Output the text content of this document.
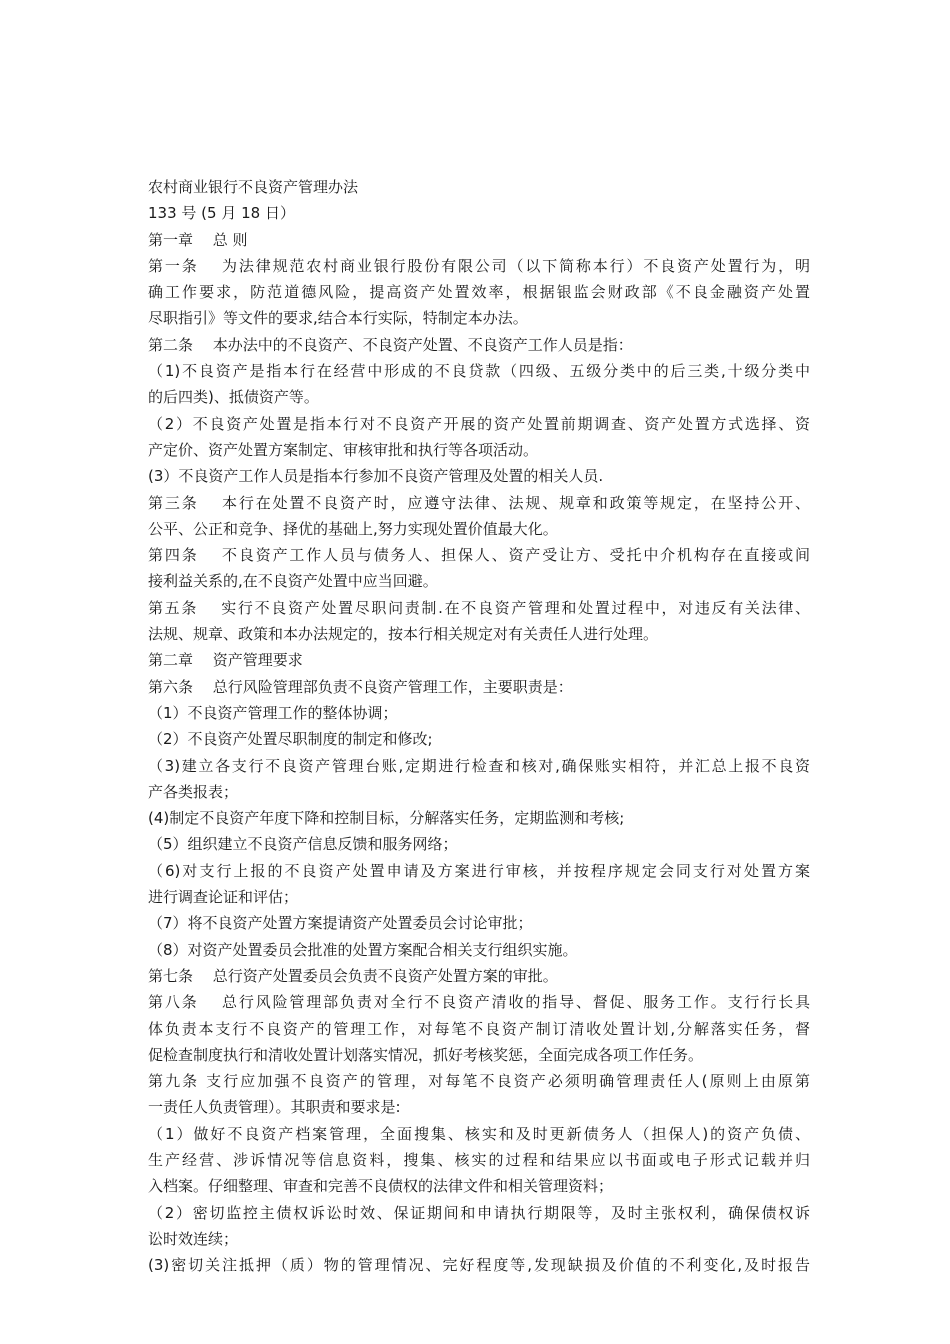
农村商业银行不良资产管理办法
133 号 (5 月 18 日）
第一章　 总 则
第一条　 为法律规范农村商业银行股份有限公司（以下简称本行）不良资产处置行为，明
确工作要求，防范道德风险，提高资产处置效率，根据银监会财政部《不良金融资产处置
尽职指引》等文件的要求,结合本行实际，特制定本办法。
第二条　 本办法中的不良资产、不良资产处置、不良资产工作人员是指：
（1)不良资产是指本行在经营中形成的不良贷款（四级、五级分类中的后三类,十级分类中
的后四类)、抵债资产等。
（2）不良资产处置是指本行对不良资产开展的资产处置前期调查、资产处置方式选择、资
产定价、资产处置方案制定、审核审批和执行等各项活动。
(3）不良资产工作人员是指本行参加不良资产管理及处置的相关人员.
第三条　 本行在处置不良资产时，应遵守法律、法规、规章和政策等规定，在坚持公开、
公平、公正和竞争、择优的基础上,努力实现处置价值最大化。
第四条　 不良资产工作人员与债务人、担保人、资产受让方、受托中介机构存在直接或间
接利益关系的,在不良资产处置中应当回避。
第五条　 实行不良资产处置尽职问责制.在不良资产管理和处置过程中，对违反有关法律、
法规、规章、政策和本办法规定的，按本行相关规定对有关责任人进行处理。
第二章　 资产管理要求
第六条　 总行风险管理部负责不良资产管理工作，主要职责是：
（1）不良资产管理工作的整体协调；
（2）不良资产处置尽职制度的制定和修改;
（3)建立各支行不良资产管理台账,定期进行检查和核对,确保账实相符，并汇总上报不良资
产各类报表；
(4)制定不良资产年度下降和控制目标，分解落实任务，定期监测和考核;
（5）组织建立不良资产信息反馈和服务网络；
（6)对支行上报的不良资产处置申请及方案进行审核，并按程序规定会同支行对处置方案
进行调查论证和评估；
（7）将不良资产处置方案提请资产处置委员会讨论审批；
（8）对资产处置委员会批准的处置方案配合相关支行组织实施。
第七条　 总行资产处置委员会负责不良资产处置方案的审批。
第八条　 总行风险管理部负责对全行不良资产清收的指导、督促、服务工作。支行行长具
体负责本支行不良资产的管理工作，对每笔不良资产制订清收处置计划,分解落实任务，督
促检查制度执行和清收处置计划落实情况，抓好考核奖惩，全面完成各项工作任务。
第九条 支行应加强不良资产的管理，对每笔不良资产必须明确管理责任人(原则上由原第
一责任人负责管理）。其职责和要求是:
（1）做好不良资产档案管理，全面搜集、核实和及时更新债务人（担保人)的资产负债、
生产经营、涉诉情况等信息资料，搜集、核实的过程和结果应以书面或电子形式记载并归
入档案。仔细整理、审查和完善不良债权的法律文件和相关管理资料；
（2）密切监控主债权诉讼时效、保证期间和申请执行期限等，及时主张权利，确保债权诉
讼时效连续；
(3)密切关注抵押（质）物的管理情况、完好程度等,发现缺损及价值的不利变化,及时报告
